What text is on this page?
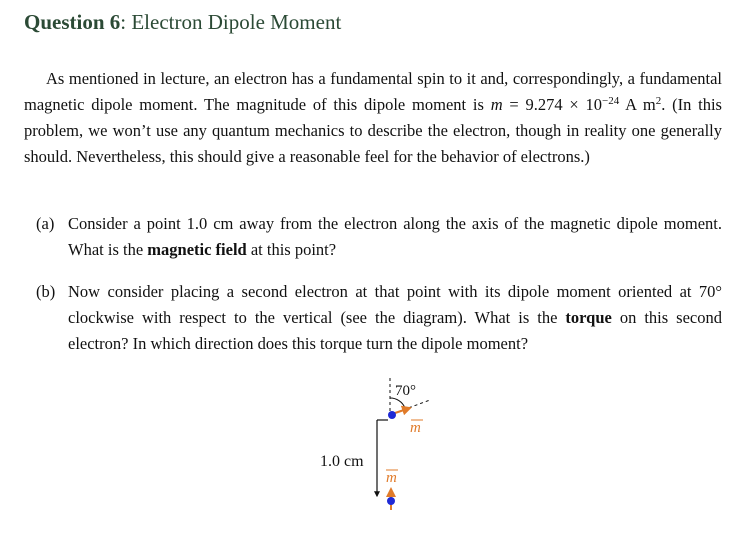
Question 6: Electron Dipole Moment

As mentioned in lecture, an electron has a fundamental spin to it and, correspondingly, a fundamental magnetic dipole moment. The magnitude of this dipole moment is $m = 9.274 \times 10^{-24}$ A $m^2$. (In this problem, we won’t use any quantum mechanics to describe the electron, though in reality one generally should. Nevertheless, this should give a reasonable feel for the behavior of electrons.)

(a) Consider a point 1.0 cm away from the electron along the axis of the magnetic dipole moment. What is the magnetic field at this point?

(b) Now consider placing a second electron at that point with its dipole moment oriented at 70° clockwise with respect to the vertical (see the diagram). What is the torque on this second electron? In which direction does this torque turn the dipole moment?

70°
m
1.0 cm
m
